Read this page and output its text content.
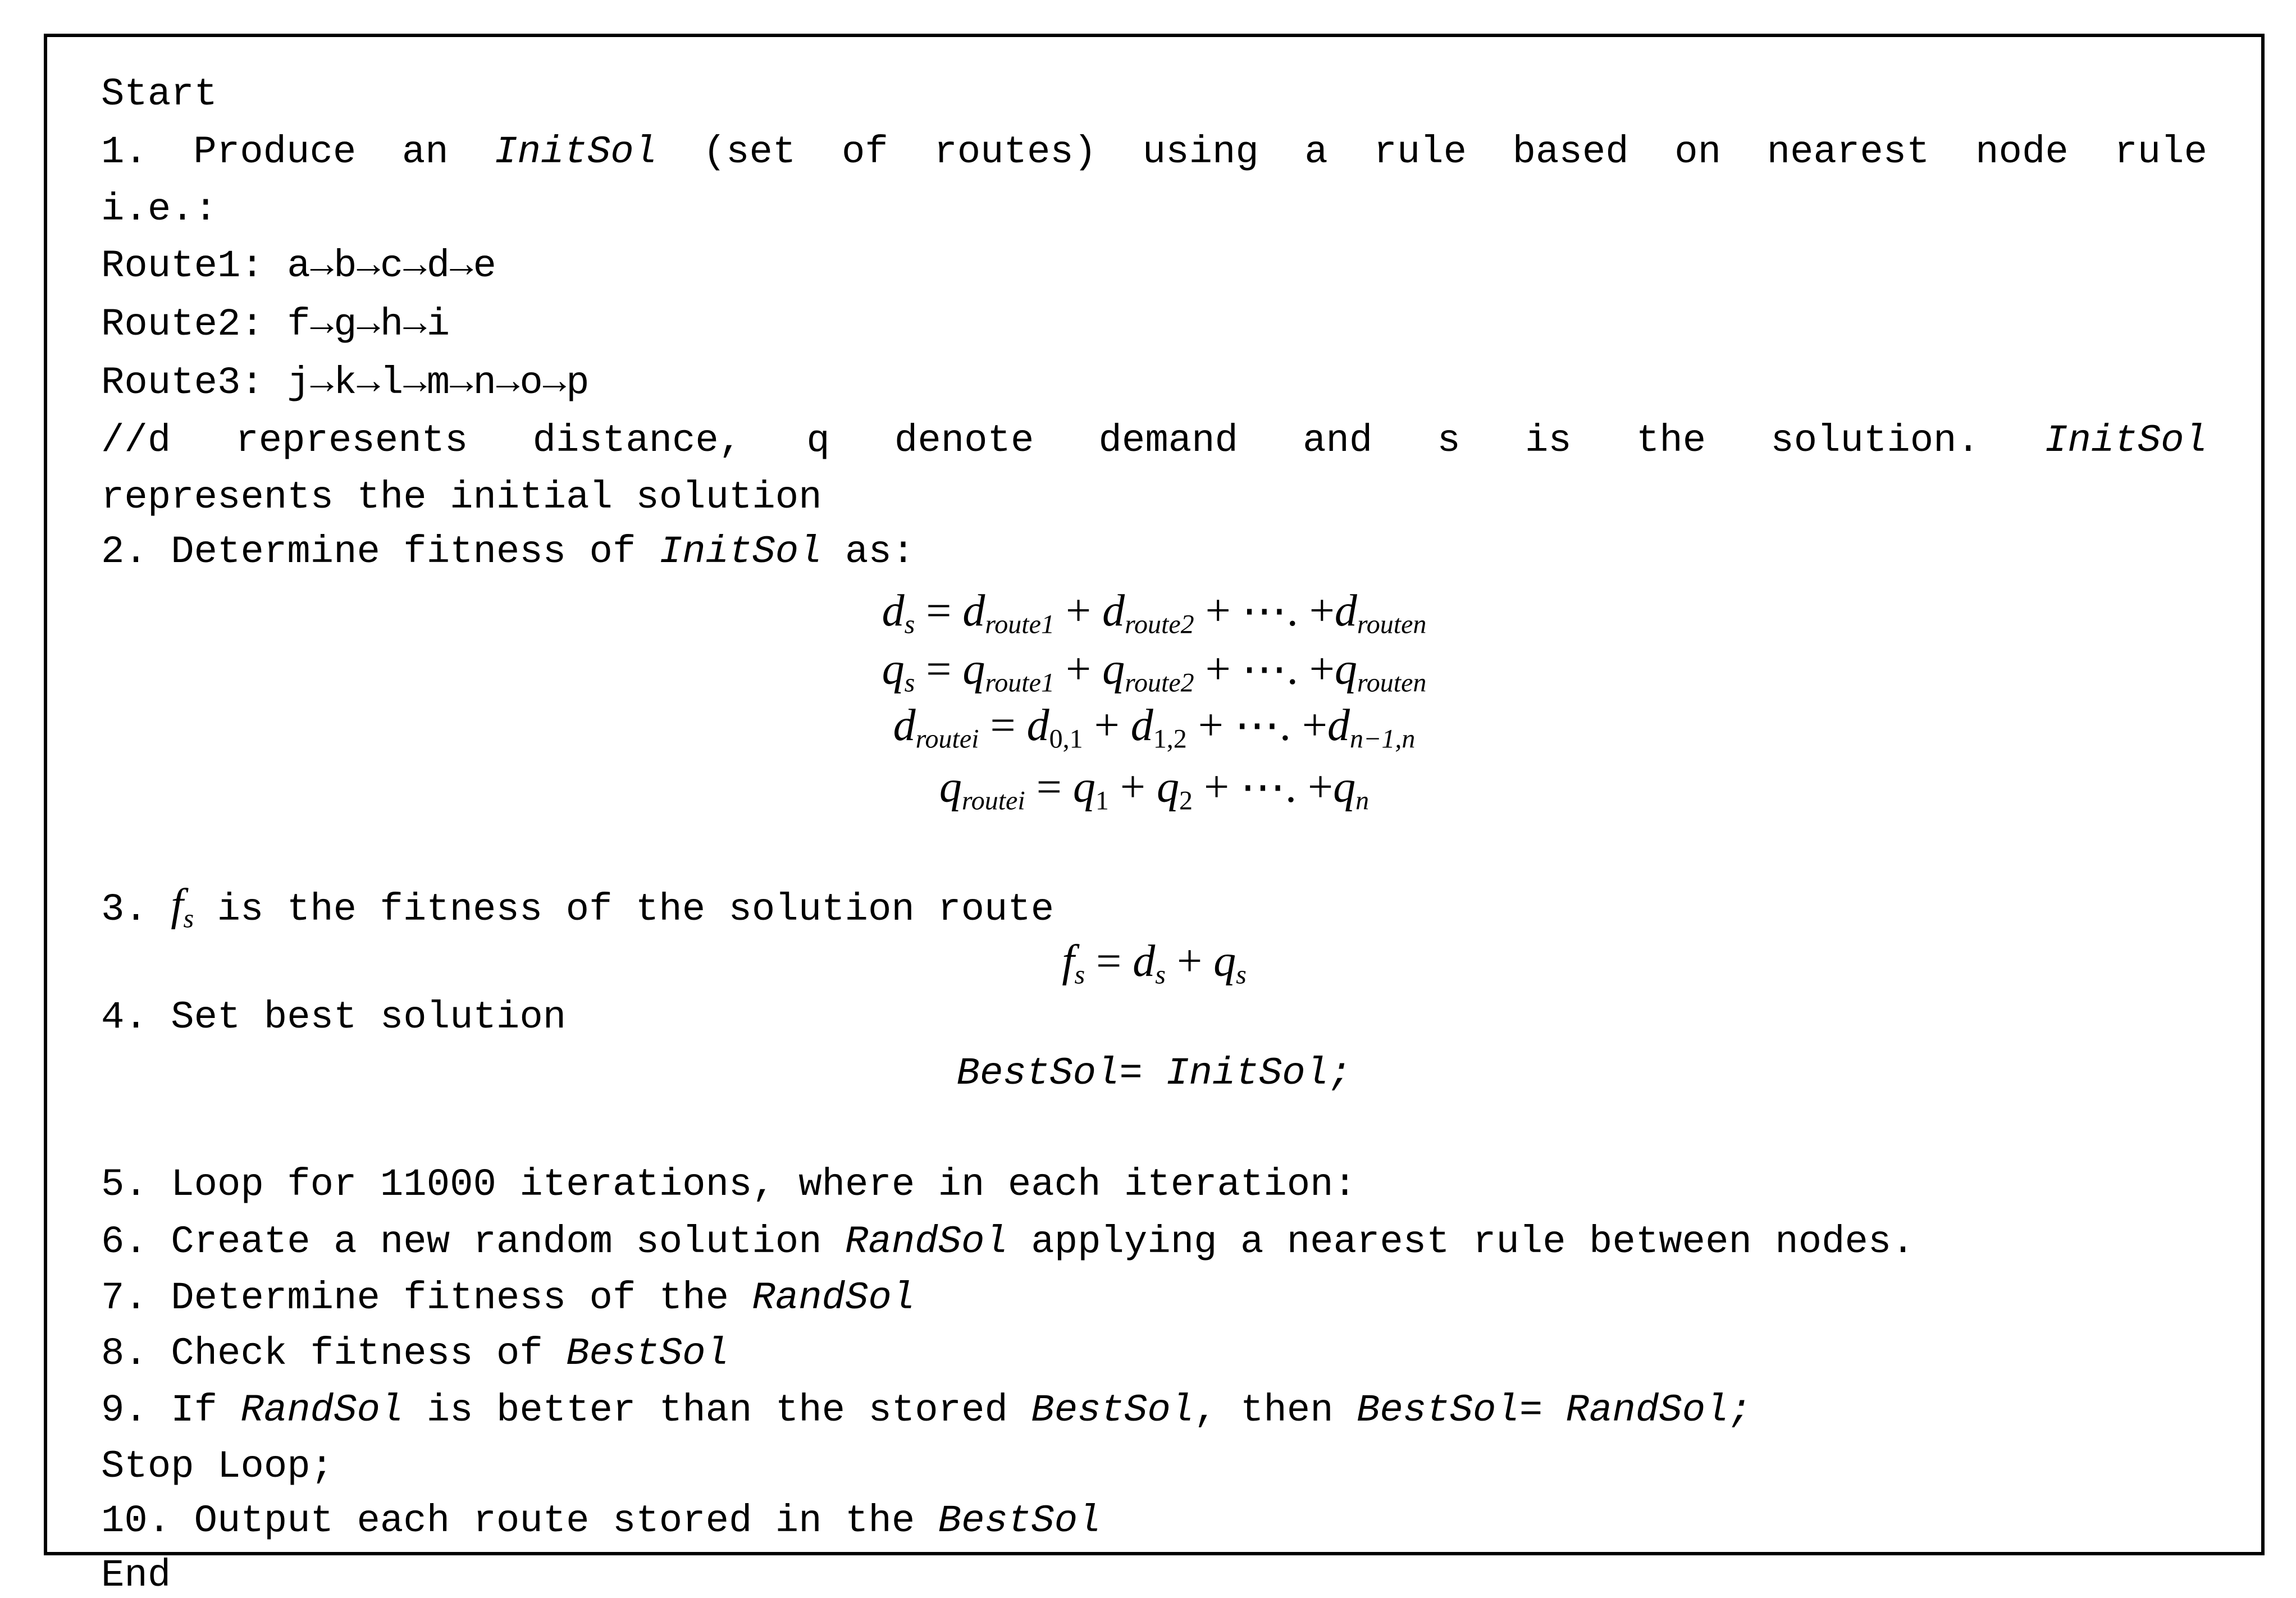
Start
1. Produce an InitSol (set of routes) using a rule based on nearest node rule
i.e.:
Route1: a→b→c→d→e
Route2: f→g→h→i
Route3: j→k→l→m→n→o→p
//d represents distance, q denote demand and s is the solution. InitSol
represents the initial solution
2. Determine fitness of InitSol as:
$d_s = d_{route1} + d_{route2}$ + ⋯. $+d_{routen}$
$q_s = q_{route1} + q_{route2}$ + ⋯. $+q_{routen}$
$d_{routei} = d_{0,1} + d_{1,2}$ + ⋯. $+d_{n-1,n}$
$q_{routei} = q_1 + q_2$ + ⋯. $+q_n$
3. $f_s$ is the fitness of the solution route
$f_s = d_s + q_s$
4. Set best solution
BestSol= InitSol;
5. Loop for 11000 iterations, where in each iteration:
6. Create a new random solution RandSol applying a nearest rule between nodes.
7. Determine fitness of the RandSol
8. Check fitness of BestSol
9. If RandSol is better than the stored BestSol, then BestSol= RandSol;
Stop Loop;
10. Output each route stored in the BestSol
End
